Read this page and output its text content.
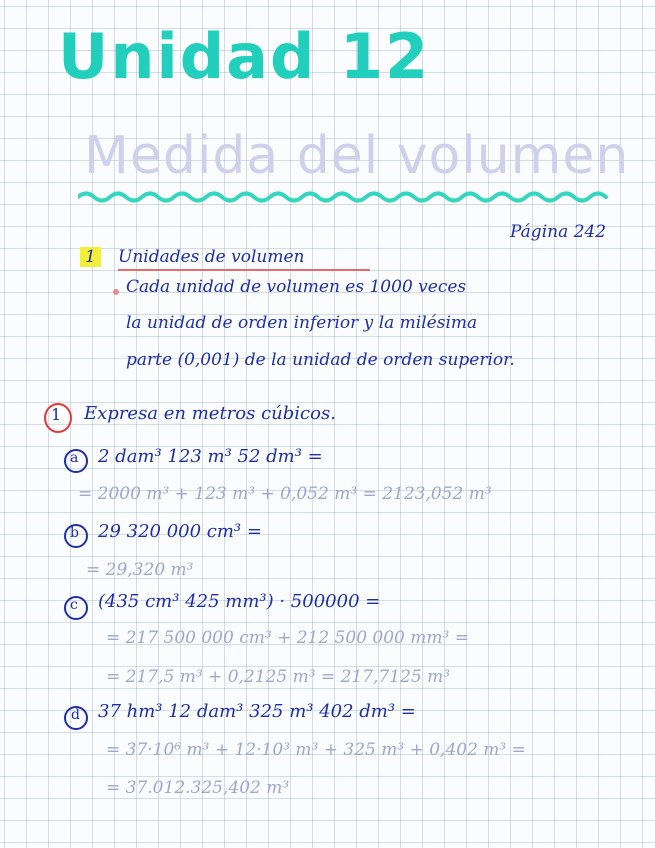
Unidad 12
Medida del volumen
Página 242
1 Unidades de volumen
Cada unidad de volumen es 1000 veces
la unidad de orden inferior y la milésima
parte (0,001) de la unidad de orden superior.
1 Expresa en metros cúbicos.
a 2 dam³ 123 m³ 52 dm³ =
= 2000 m³ + 123 m³ + 0,052 m³ = 2123,052 m³
b 29 320 000 cm³ =
= 29,320 m³
c (435 cm³ 425 mm³) · 500000 =
= 217 500 000 cm³ + 212 500 000 mm³ =
= 217,5 m³ + 0,2125 m³ = 217,7125 m³
d 37 hm³ 12 dam³ 325 m³ 402 dm³ =
= 37·10⁶ m³ + 12·10³ m³ + 325 m³ + 0,402 m³ =
= 37.012.325,402 m³
